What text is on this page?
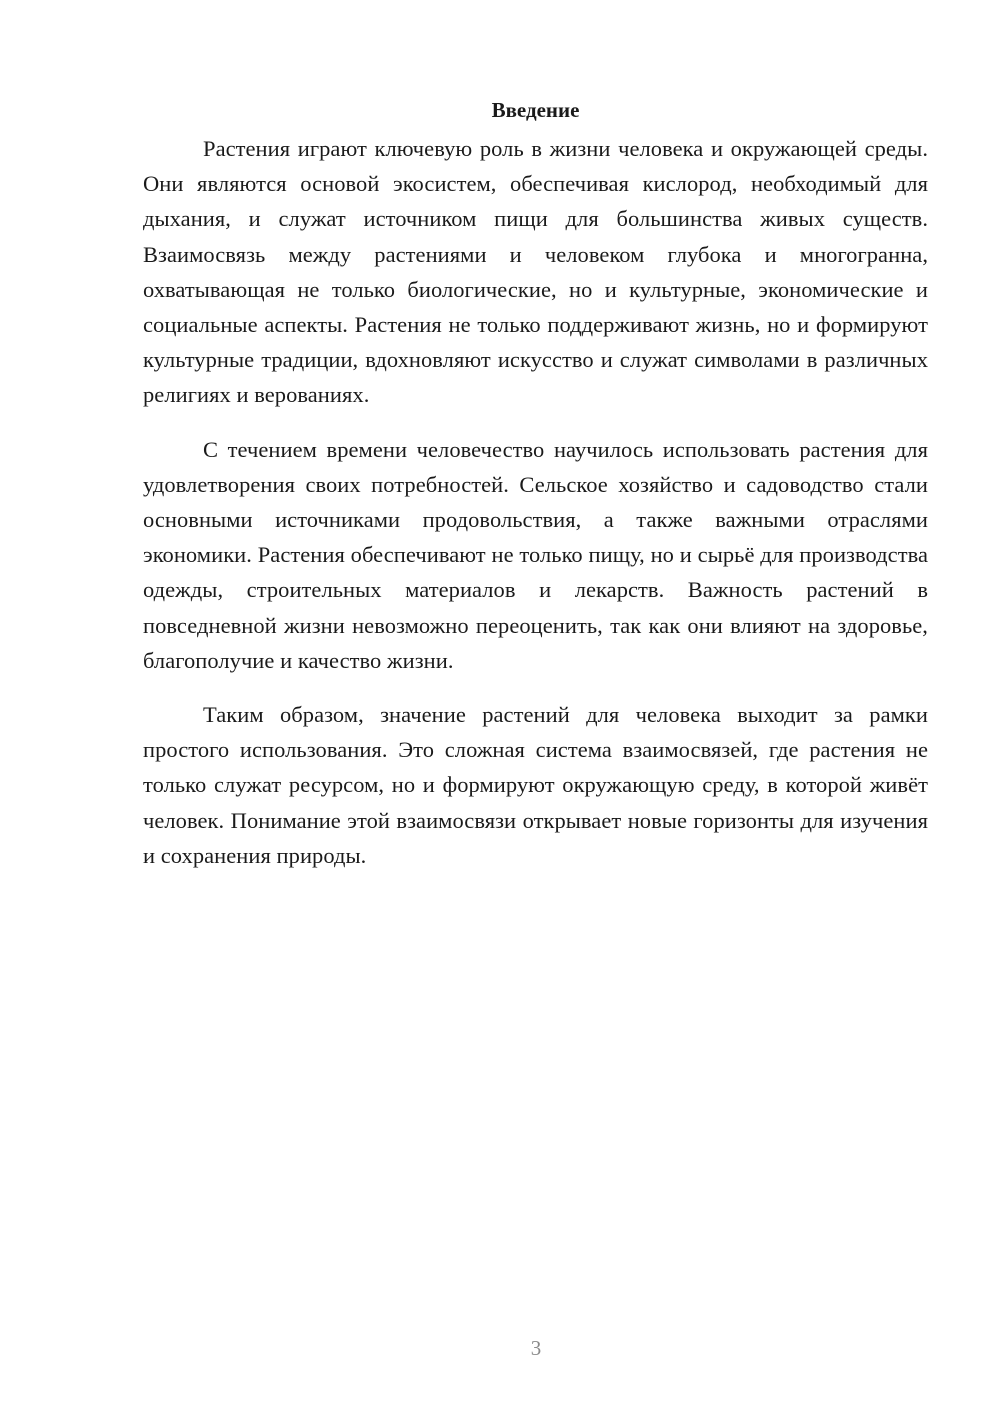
Введение

Растения играют ключевую роль в жизни человека и окружающей среды. Они являются основой экосистем, обеспечивая кислород, необходимый для дыхания, и служат источником пищи для большинства живых существ. Взаимосвязь между растениями и человеком глубока и многогранна, охватывающая не только биологические, но и культурные, экономические и социальные аспекты. Растения не только поддерживают жизнь, но и формируют культурные традиции, вдохновляют искусство и служат символами в различных религиях и верованиях.

С течением времени человечество научилось использовать растения для удовлетворения своих потребностей. Сельское хозяйство и садоводство стали основными источниками продовольствия, а также важными отраслями экономики. Растения обеспечивают не только пищу, но и сырьё для производства одежды, строительных материалов и лекарств. Важность растений в повседневной жизни невозможно переоценить, так как они влияют на здоровье, благополучие и качество жизни.

Таким образом, значение растений для человека выходит за рамки простого использования. Это сложная система взаимосвязей, где растения не только служат ресурсом, но и формируют окружающую среду, в которой живёт человек. Понимание этой взаимосвязи открывает новые горизонты для изучения и сохранения природы.

3
